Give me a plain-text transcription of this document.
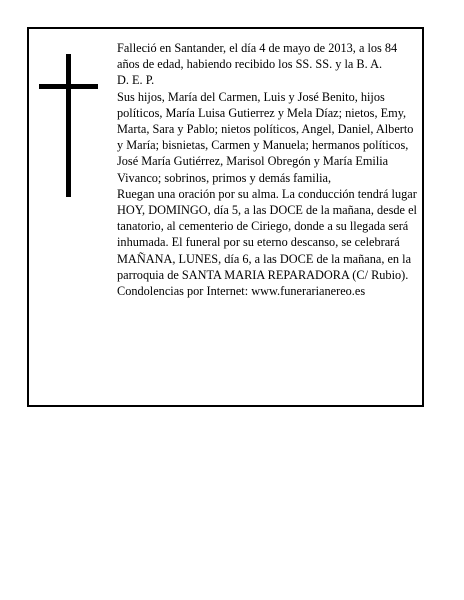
Falleció en Santander, el día 4 de mayo de 2013, a los 84 años de edad, habiendo recibido los SS. SS. y la B. A.

D. E. P.

Sus hijos, María del Carmen, Luis y José Benito, hijos políticos, María Luisa Gutierrez y Mela Díaz; nietos, Emy, Marta, Sara y Pablo; nietos políticos, Angel, Daniel, Alberto y María; bisnietas, Carmen y Manuela; hermanos políticos, José María Gutiérrez, Marisol Obregón y María Emilia Vivanco; sobrinos, primos y demás familia,

Ruegan una oración por su alma. La conducción tendrá lugar HOY, DOMINGO, día 5, a las DOCE de la mañana, desde el tanatorio, al cementerio de Ciriego, donde a su llegada será inhumada. El funeral por su eterno descanso, se celebrará MAÑANA, LUNES, día 6, a las DOCE de la mañana, en la parroquia de SANTA MARIA REPARADORA (C/ Rubio).

Condolencias por Internet: www.funerarianereo.es
